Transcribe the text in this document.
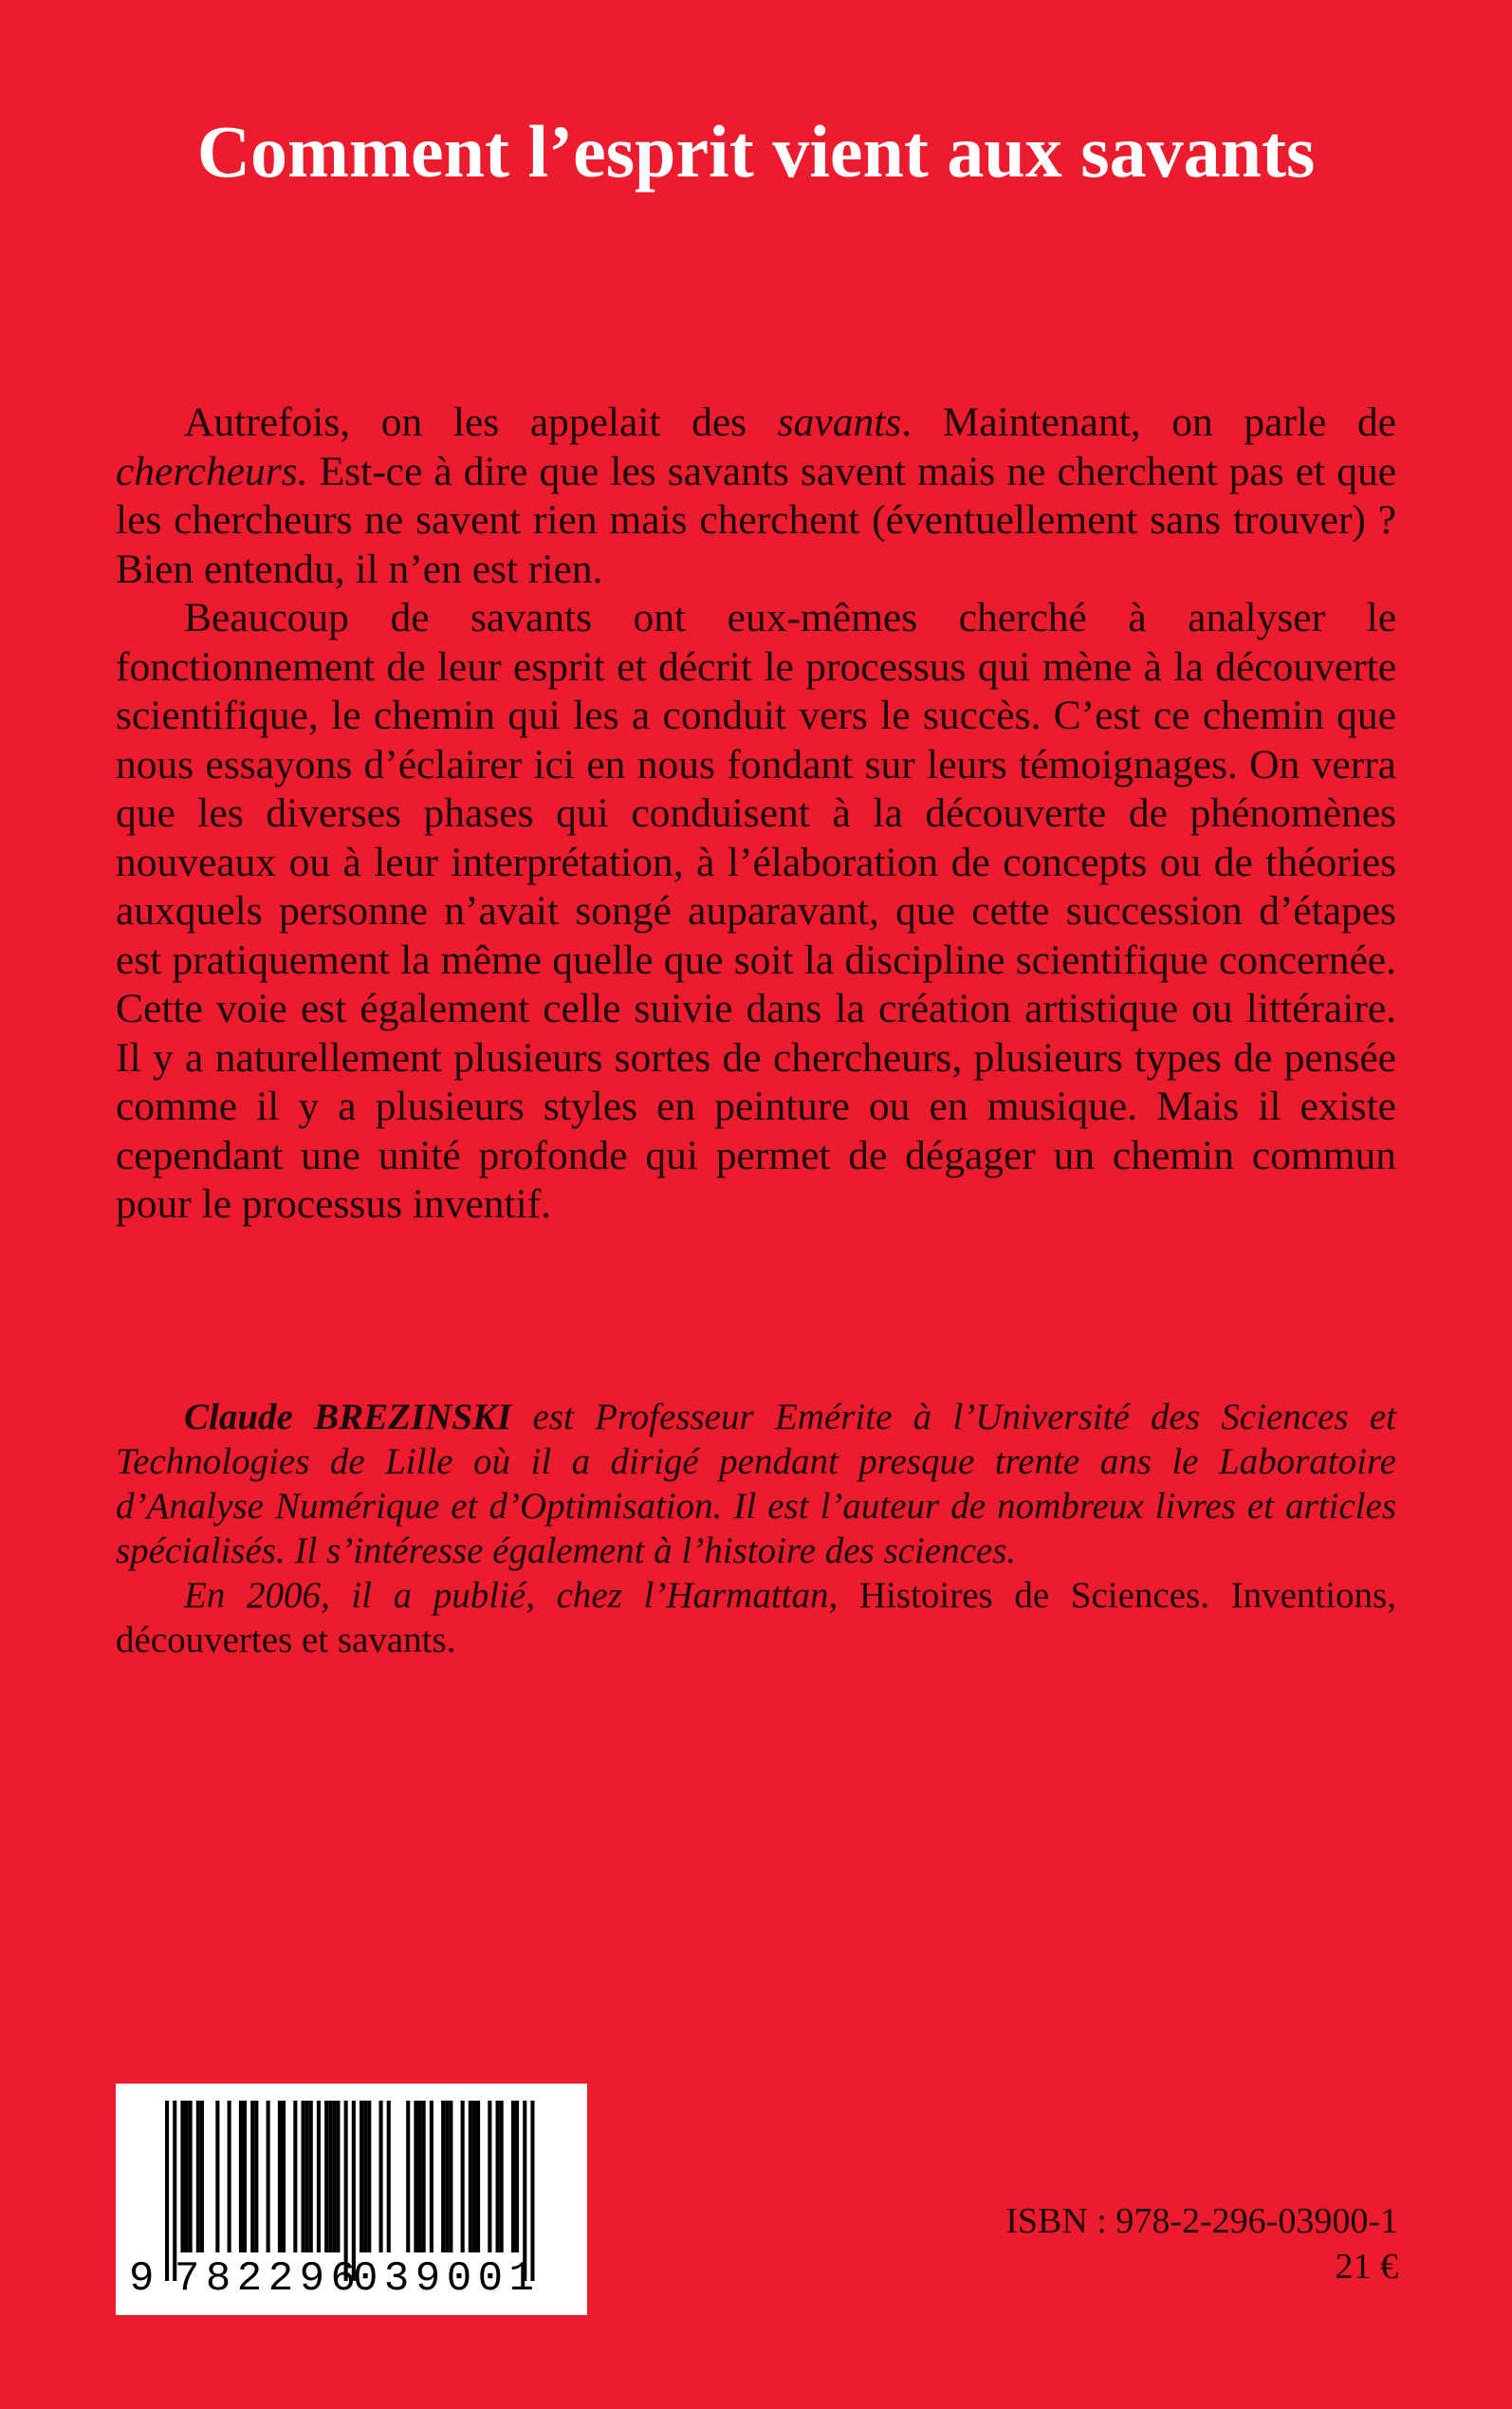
Comment l’esprit vient aux savants

Autrefois, on les appelait des savants. Maintenant, on parle de chercheurs. Est-ce à dire que les savants savent mais ne cherchent pas et que les chercheurs ne savent rien mais cherchent (éventuellement sans trouver) ? Bien entendu, il n’en est rien.

Beaucoup de savants ont eux-mêmes cherché à analyser le fonctionnement de leur esprit et décrit le processus qui mène à la découverte scientifique, le chemin qui les a conduit vers le succès. C’est ce chemin que nous essayons d’éclairer ici en nous fondant sur leurs témoignages. On verra que les diverses phases qui conduisent à la découverte de phénomènes nouveaux ou à leur interprétation, à l’élaboration de concepts ou de théories auxquels personne n’avait songé auparavant, que cette succession d’étapes est pratiquement la même quelle que soit la discipline scientifique concernée. Cette voie est également celle suivie dans la création artistique ou littéraire. Il y a naturellement plusieurs sortes de chercheurs, plusieurs types de pensée comme il y a plusieurs styles en peinture ou en musique. Mais il existe cependant une unité profonde qui permet de dégager un chemin commun pour le processus inventif.

Claude BREZINSKI est Professeur Emérite à l’Université des Sciences et Technologies de Lille où il a dirigé pendant presque trente ans le Laboratoire d’Analyse Numérique et d’Optimisation. Il est l’auteur de nombreux livres et articles spécialisés. Il s’intéresse également à l’histoire des sciences.

En 2006, il a publié, chez l’Harmattan, Histoires de Sciences. Inventions, découvertes et savants.

9 782296
039001
ISBN : 978-2-296-03900-1
21 €
